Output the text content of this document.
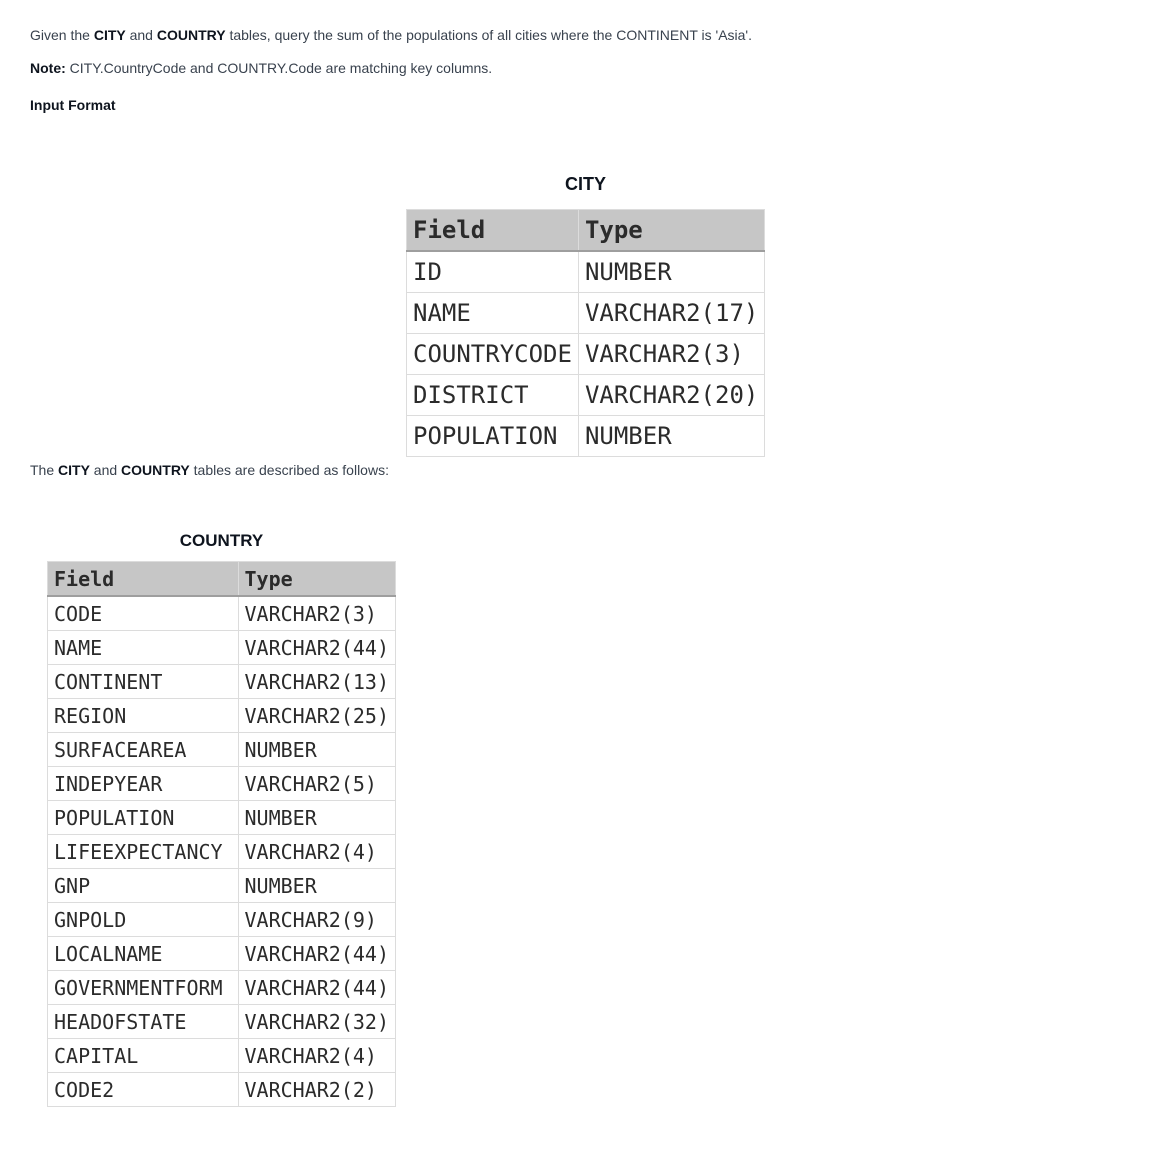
Given the CITY and COUNTRY tables, query the sum of the populations of all cities where the CONTINENT is 'Asia'.
Note: CITY.CountryCode and COUNTRY.Code are matching key columns.
Input Format
CITY
Field	Type
ID	NUMBER
NAME	VARCHAR2(17)
COUNTRYCODE	VARCHAR2(3)
DISTRICT	VARCHAR2(20)
POPULATION	NUMBER
The CITY and COUNTRY tables are described as follows:
COUNTRY
Field	Type
CODE	VARCHAR2(3)
NAME	VARCHAR2(44)
CONTINENT	VARCHAR2(13)
REGION	VARCHAR2(25)
SURFACEAREA	NUMBER
INDEPYEAR	VARCHAR2(5)
POPULATION	NUMBER
LIFEEXPECTANCY	VARCHAR2(4)
GNP	NUMBER
GNPOLD	VARCHAR2(9)
LOCALNAME	VARCHAR2(44)
GOVERNMENTFORM	VARCHAR2(44)
HEADOFSTATE	VARCHAR2(32)
CAPITAL	VARCHAR2(4)
CODE2	VARCHAR2(2)
